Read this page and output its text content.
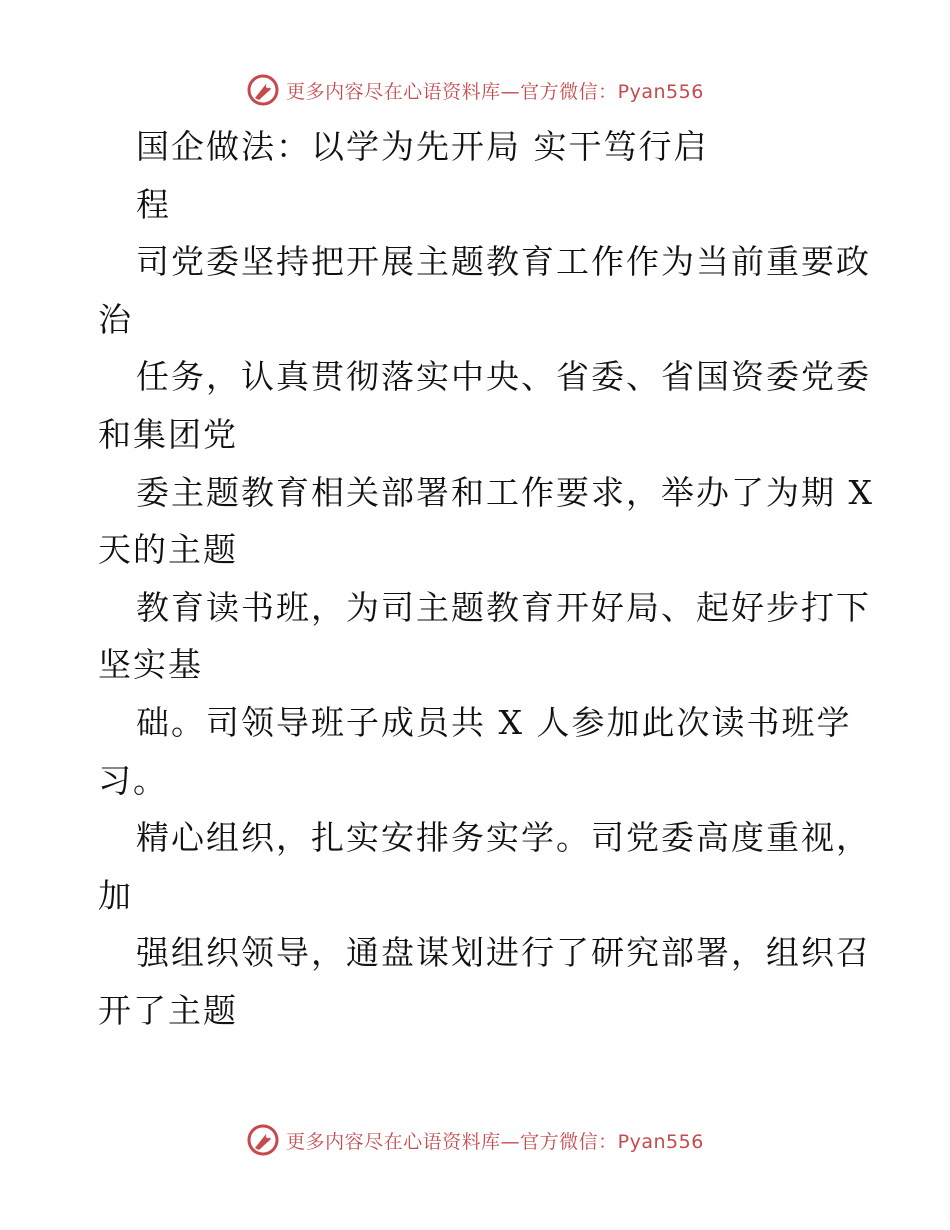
更多内容尽在心语资料库—官方微信：Pyan556
国企做法：以学为先开局 实干笃行启
程
司党委坚持把开展主题教育工作作为当前重要政
治
任务，认真贯彻落实中央、省委、省国资委党委
和集团党
委主题教育相关部署和工作要求，举办了为期 X
天的主题
教育读书班，为司主题教育开好局、起好步打下
坚实基
础。司领导班子成员共 X 人参加此次读书班学
习。
精心组织，扎实安排务实学。司党委高度重视，
加
强组织领导，通盘谋划进行了研究部署，组织召
开了主题
更多内容尽在心语资料库—官方微信：Pyan556
